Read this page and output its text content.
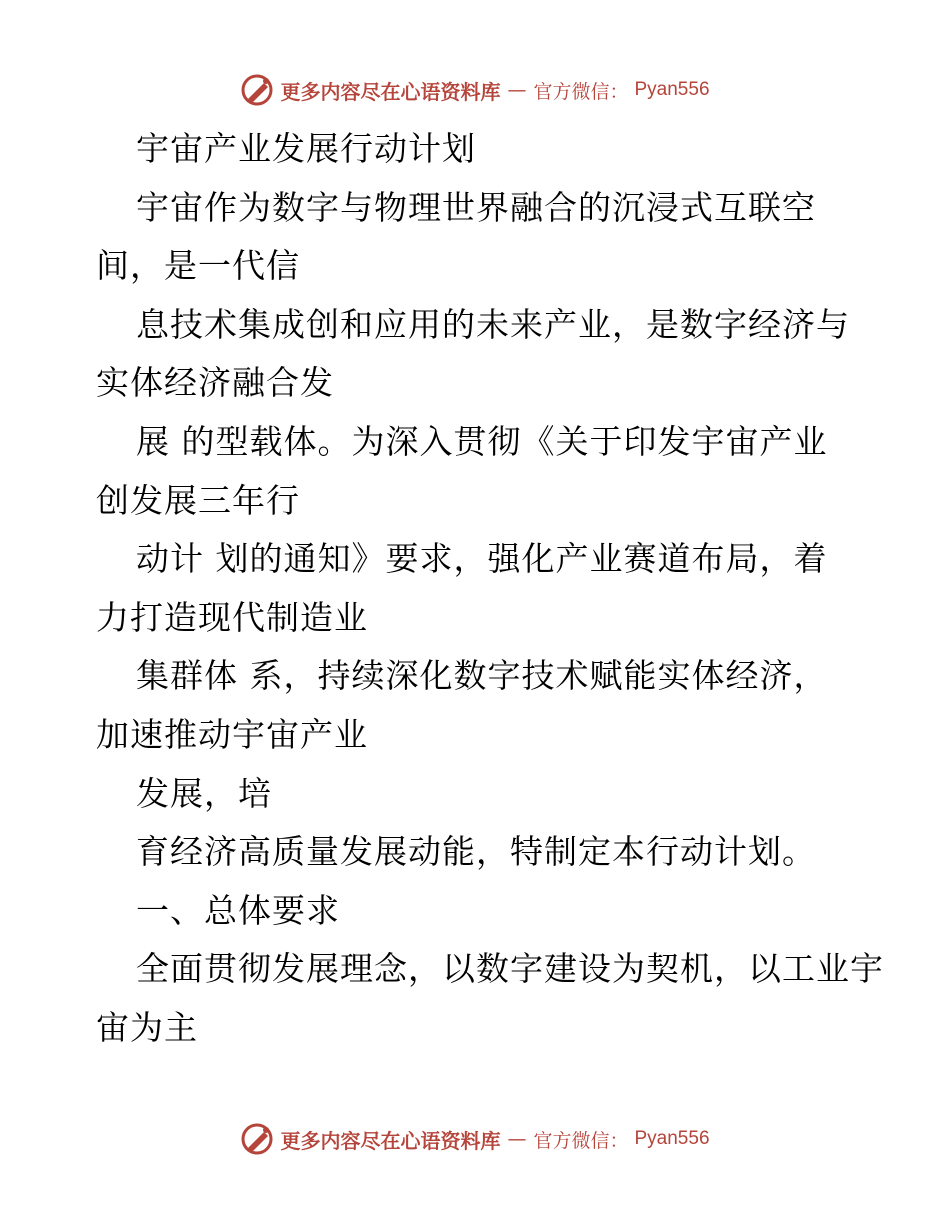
更多内容尽在心语资料库 — 官方微信： Pyan556
宇宙产业发展行动计划
宇宙作为数字与物理世界融合的沉浸式互联空
间，是一代信
息技术集成创和应用的未来产业，是数字经济与
实体经济融合发
展 的型载体。为深入贯彻《关于印发宇宙产业
创发展三年行
动计 划的通知》要求，强化产业赛道布局，着
力打造现代制造业
集群体 系，持续深化数字技术赋能实体经济，
加速推动宇宙产业
发展，培
育经济高质量发展动能，特制定本行动计划。
一、总体要求
全面贯彻发展理念，以数字建设为契机，以工业宇
宙为主
更多内容尽在心语资料库 — 官方微信： Pyan556
